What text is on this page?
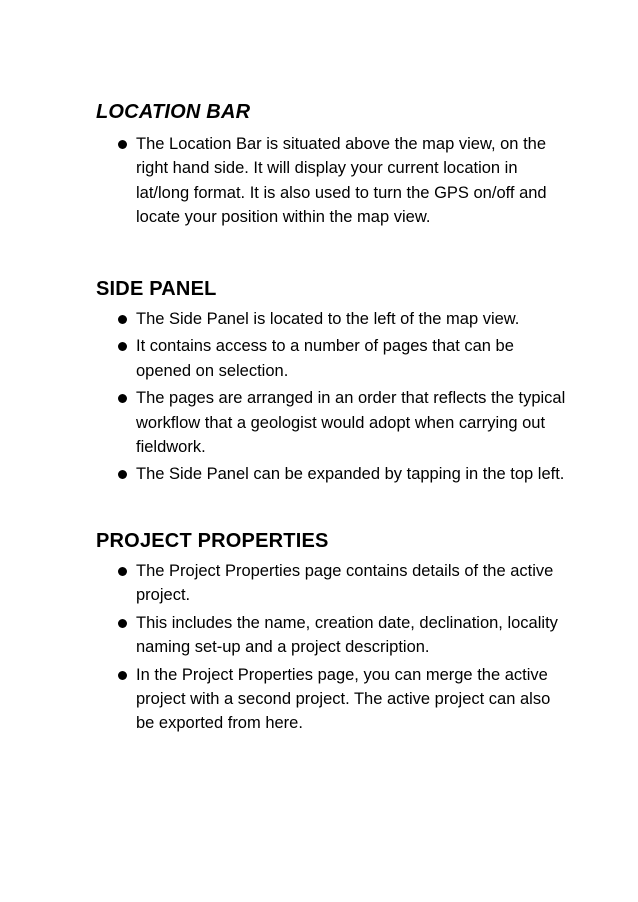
LOCATION BAR
The Location Bar is situated above the map view, on the right hand side. It will display your current location in lat/long format. It is also used to turn the GPS on/off and locate your position within the map view.
SIDE PANEL
The Side Panel is located to the left of the map view.
It contains access to a number of pages that can be opened on selection.
The pages are arranged in an order that reflects the typical workflow that a geologist would adopt when carrying out fieldwork.
The Side Panel can be expanded by tapping in the top left.
PROJECT PROPERTIES
The Project Properties page contains details of the active project.
This includes the name, creation date, declination, locality naming set-up and a project description.
In the Project Properties page, you can merge the active project with a second project. The active project can also be exported from here.
